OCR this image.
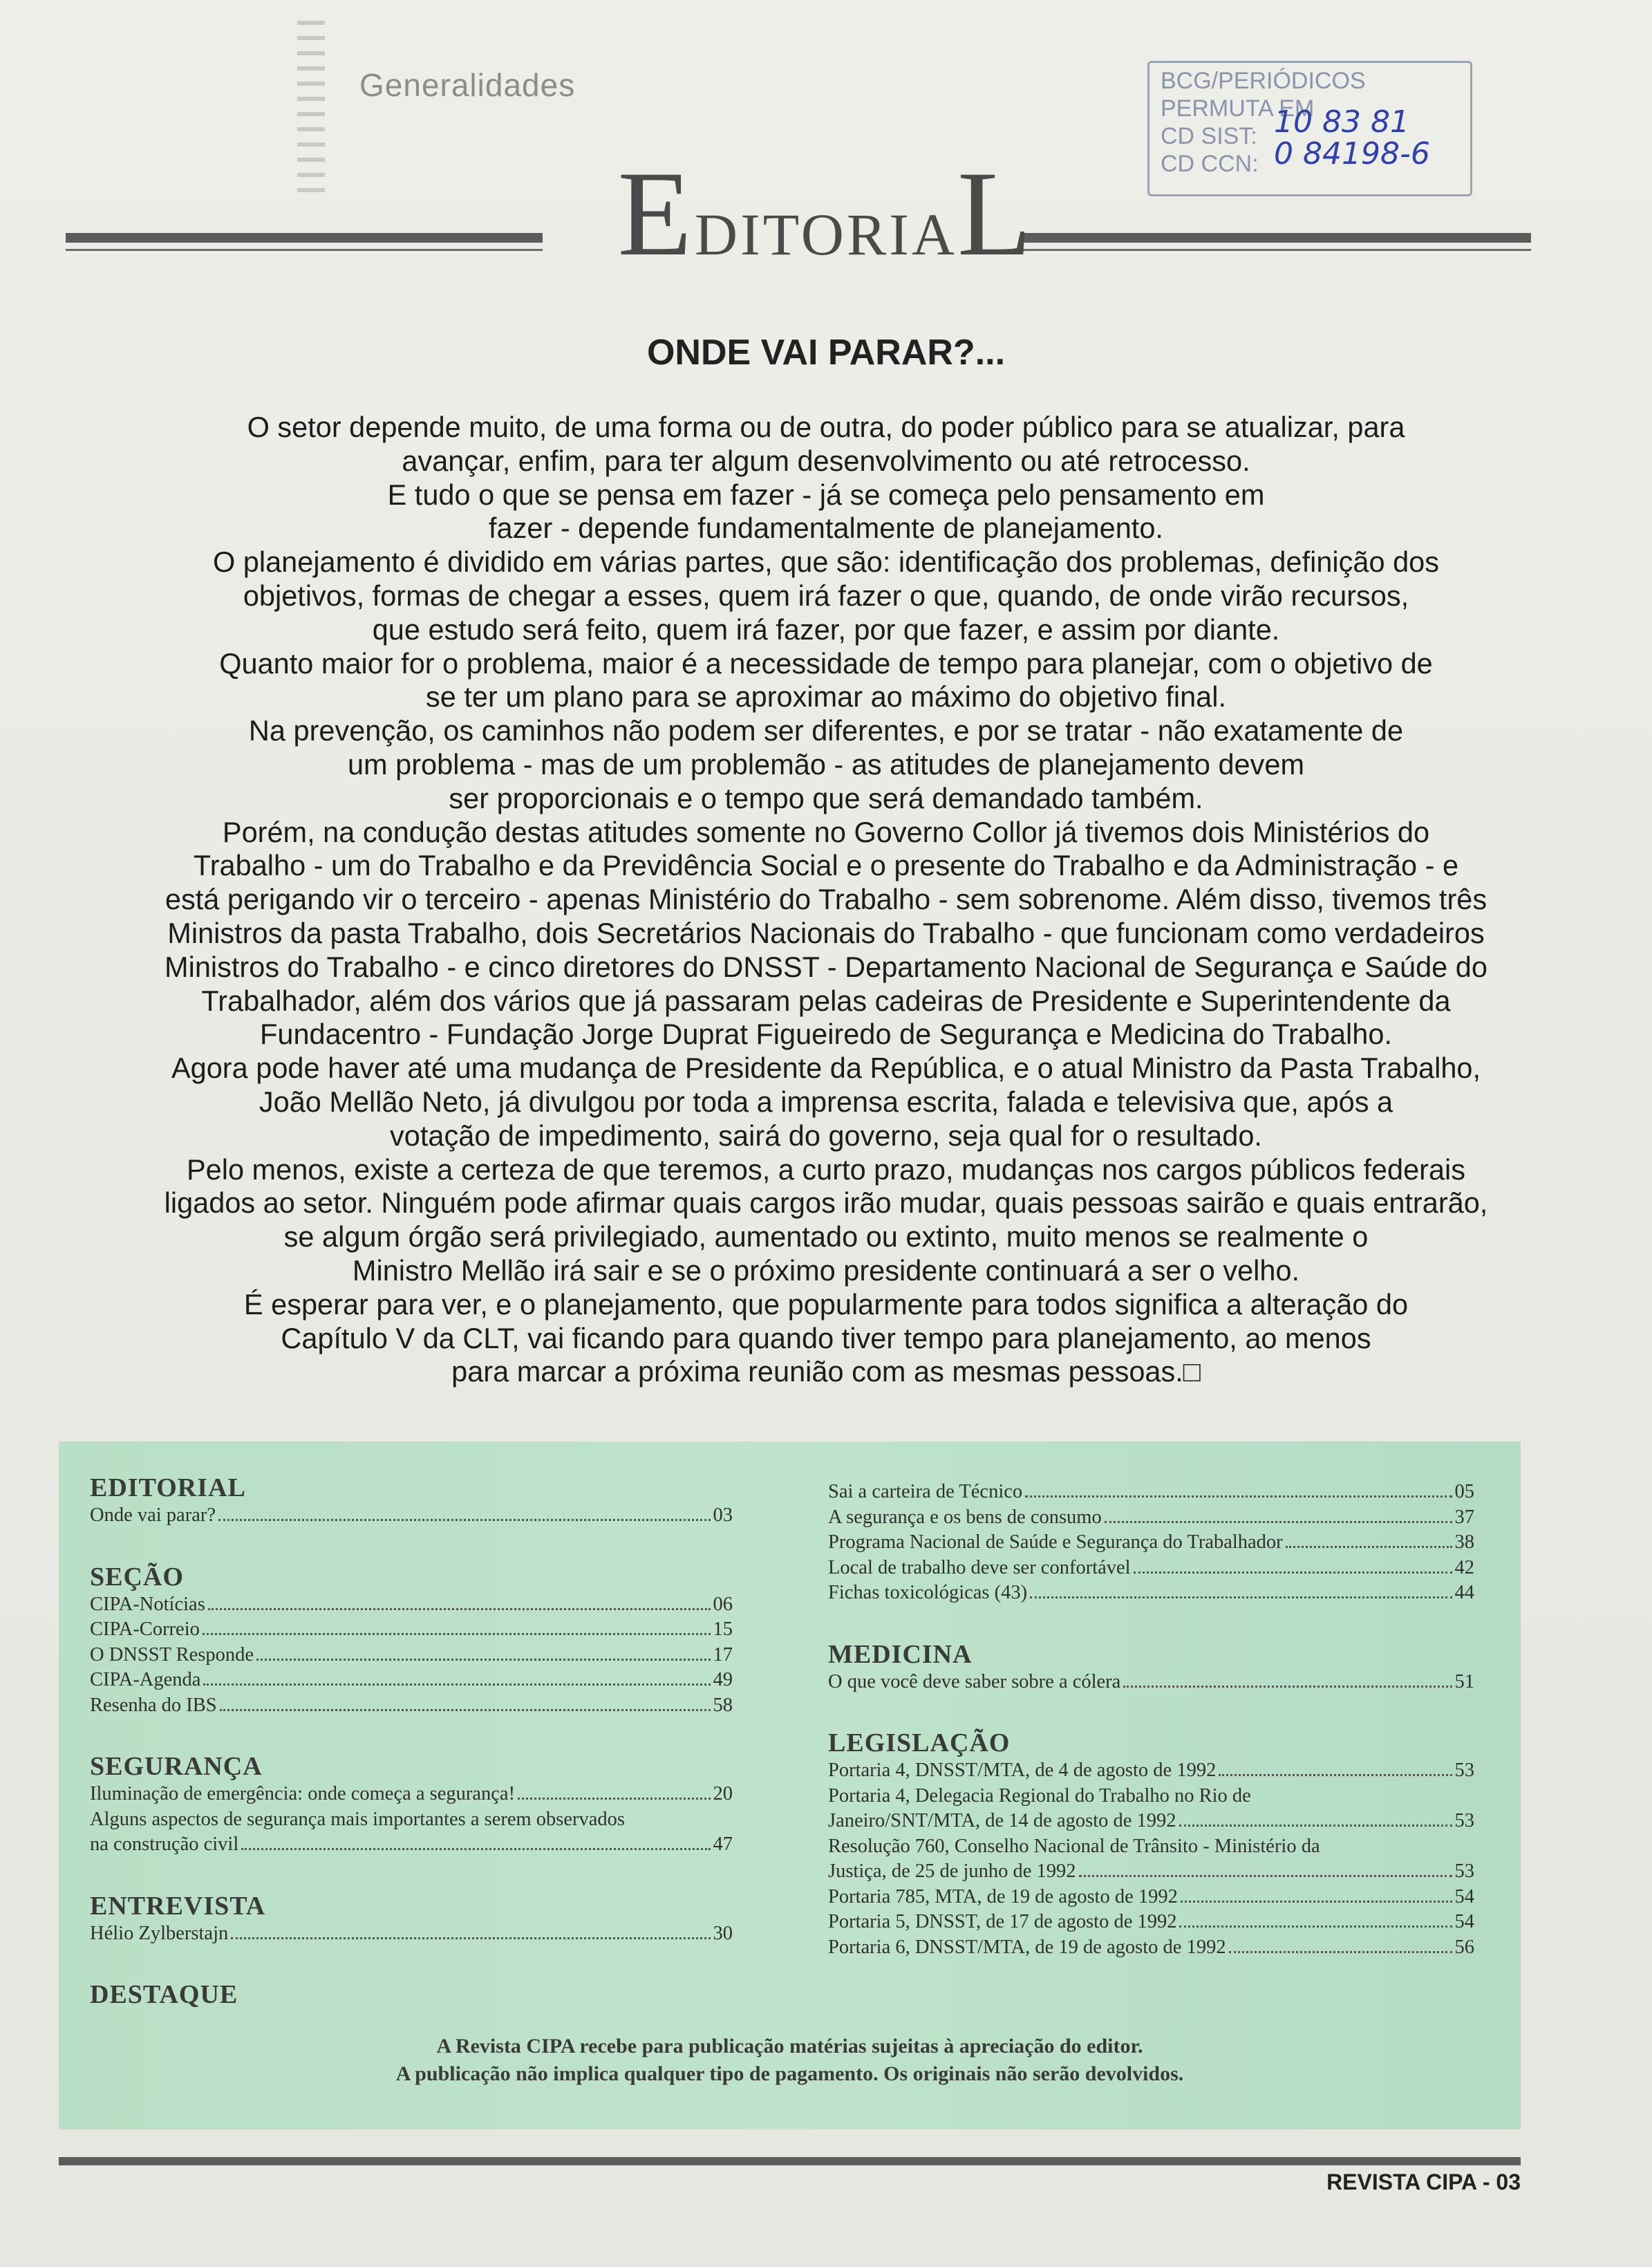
Generalidades	BCG/PERIÓDICOS
PERMUTA EM
CD SIST:
CD CCN:
10 83 81
0 84198-6
EDITORIAL
ONDE VAI PARAR?...
O setor depende muito, de uma forma ou de outra, do poder público para se atualizar, para
avançar, enfim, para ter algum desenvolvimento ou até retrocesso.
E tudo o que se pensa em fazer - já se começa pelo pensamento em
fazer - depende fundamentalmente de planejamento.
O planejamento é dividido em várias partes, que são: identificação dos problemas, definição dos
objetivos, formas de chegar a esses, quem irá fazer o que, quando, de onde virão recursos,
que estudo será feito, quem irá fazer, por que fazer, e assim por diante.
Quanto maior for o problema, maior é a necessidade de tempo para planejar, com o objetivo de
se ter um plano para se aproximar ao máximo do objetivo final.
Na prevenção, os caminhos não podem ser diferentes, e por se tratar - não exatamente de
um problema - mas de um problemão - as atitudes de planejamento devem
ser proporcionais e o tempo que será demandado também.
Porém, na condução destas atitudes somente no Governo Collor já tivemos dois Ministérios do
Trabalho - um do Trabalho e da Previdência Social e o presente do Trabalho e da Administração - e
está perigando vir o terceiro - apenas Ministério do Trabalho - sem sobrenome. Além disso, tivemos três
Ministros da pasta Trabalho, dois Secretários Nacionais do Trabalho - que funcionam como verdadeiros
Ministros do Trabalho - e cinco diretores do DNSST - Departamento Nacional de Segurança e Saúde do
Trabalhador, além dos vários que já passaram pelas cadeiras de Presidente e Superintendente da
Fundacentro - Fundação Jorge Duprat Figueiredo de Segurança e Medicina do Trabalho.
Agora pode haver até uma mudança de Presidente da República, e o atual Ministro da Pasta Trabalho,
João Mellão Neto, já divulgou por toda a imprensa escrita, falada e televisiva que, após a
votação de impedimento, sairá do governo, seja qual for o resultado.
Pelo menos, existe a certeza de que teremos, a curto prazo, mudanças nos cargos públicos federais
ligados ao setor. Ninguém pode afirmar quais cargos irão mudar, quais pessoas sairão e quais entrarão,
se algum órgão será privilegiado, aumentado ou extinto, muito menos se realmente o
Ministro Mellão irá sair e se o próximo presidente continuará a ser o velho.
É esperar para ver, e o planejamento, que popularmente para todos significa a alteração do
Capítulo V da CLT, vai ficando para quando tiver tempo para planejamento, ao menos
para marcar a próxima reunião com as mesmas pessoas.□

EDITORIAL

Onde vai parar?	03

SEÇÃO

CIPA-Notícias	06
CIPA-Correio	15
O DNSST Responde	17
CIPA-Agenda	49
Resenha do IBS	58

SEGURANÇA

Iluminação de emergência: onde começa a segurança!	20
Alguns aspectos de segurança mais importantes a serem observados
na construção civil	47

ENTREVISTA

Hélio Zylberstajn	30

DESTAQUE

Sai a carteira de Técnico	05
A segurança e os bens de consumo	37
Programa Nacional de Saúde e Segurança do Trabalhador	38
Local de trabalho deve ser confortável	42
Fichas toxicológicas (43)	44

MEDICINA

O que você deve saber sobre a cólera	51

LEGISLAÇÃO

Portaria 4, DNSST/MTA, de 4 de agosto de 1992	53
Portaria 4, Delegacia Regional do Trabalho no Rio de
Janeiro/SNT/MTA, de 14 de agosto de 1992	53
Resolução 760, Conselho Nacional de Trânsito - Ministério da
Justiça, de 25 de junho de 1992	53
Portaria 785, MTA, de 19 de agosto de 1992	54
Portaria 5, DNSST, de 17 de agosto de 1992	54
Portaria 6, DNSST/MTA, de 19 de agosto de 1992	56
A Revista CIPA recebe para publicação matérias sujeitas à apreciação do editor.
A publicação não implica qualquer tipo de pagamento. Os originais não serão devolvidos.
REVISTA CIPA - 03
